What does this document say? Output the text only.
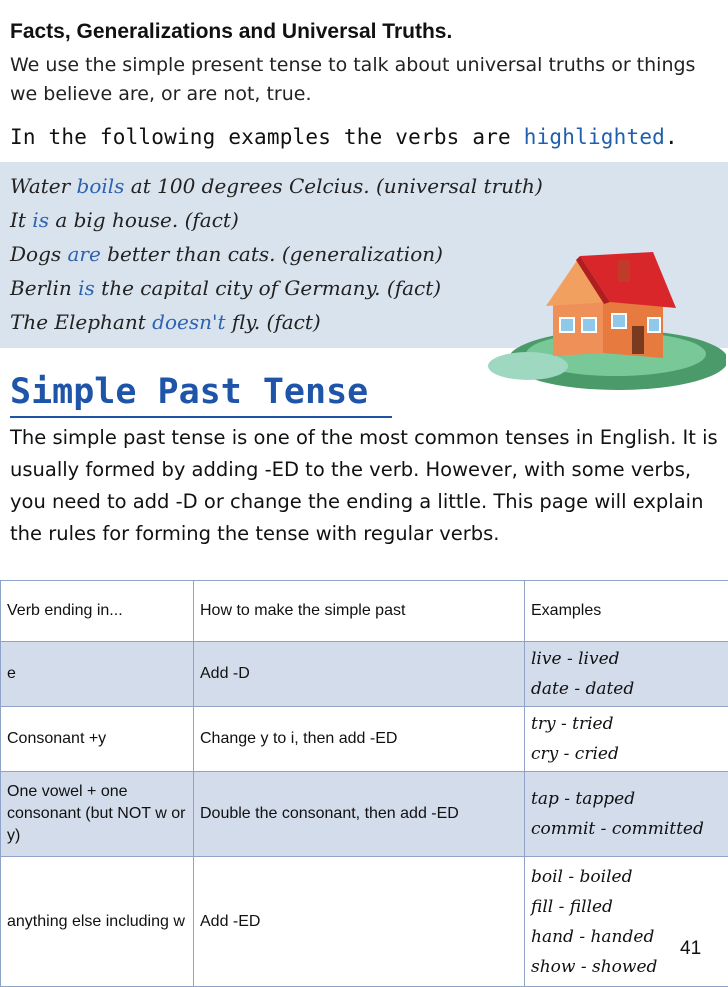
Facts, Generalizations and Universal Truths.
We use the simple present tense to talk about universal truths or things we believe are, or are not, true.
In the following examples the verbs are highlighted.
Water boils at 100 degrees Celcius. (universal truth)
It is a big house. (fact)
Dogs are better than cats. (generalization)
Berlin is the capital city of Germany. (fact)
The Elephant doesn't fly. (fact)
Simple Past Tense
The simple past tense is one of the most common tenses in English. It is usually formed by adding -ED to the verb. However, with some verbs, you need to add -D or change the ending a little. This page will explain the rules for forming the tense with regular verbs.
Verb ending in...	How to make the simple past	Examples
e	Add -D	live - lived
date - dated

Consonant +y	Change y to i, then add -ED	try - tried
cry - cried

One vowel + one consonant (but NOT w or y)	Double the consonant, then add -ED	tap - tapped
commit - committed

anything else including w	Add -ED	boil - boiled
fill - filled
hand - handed
show - showed
41
